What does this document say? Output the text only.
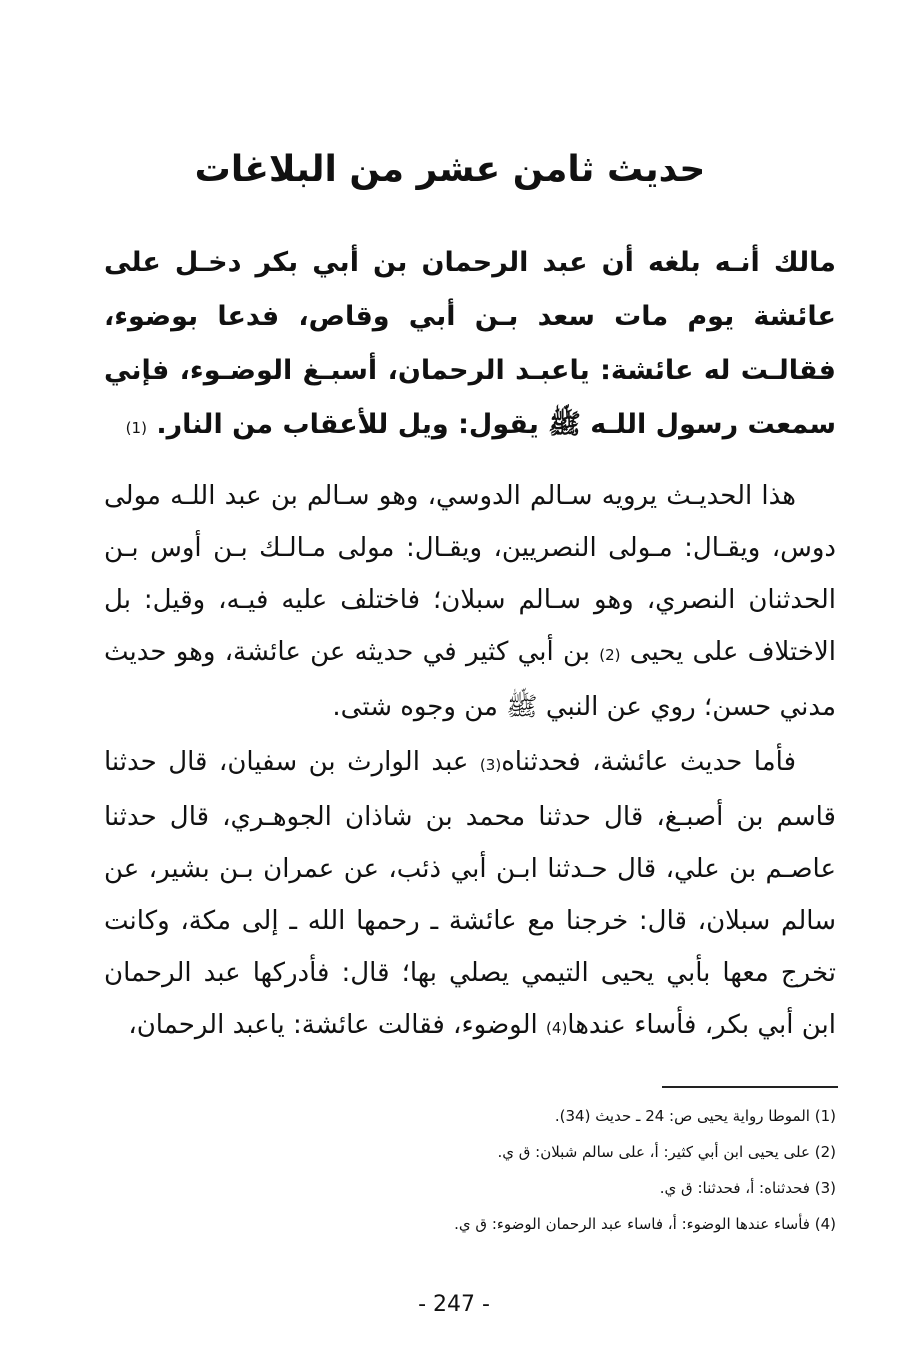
حديث ثامن عشر من البلاغات

مالك أنـه بلغه أن عبد الرحمان بن أبي بكر دخـل على عائشة يوم مات سعد بـن أبي وقاص، فدعا بوضوء، فقالـت له عائشة: ياعبـد الرحمان، أسبـغ الوضـوء، فإني سمعت رسول اللـه ﷺ يقول: ويل للأعقاب من النار. (1)

هذا الحديـث يرويه سـالم الدوسي، وهو سـالم بن عبد اللـه مولى دوس، ويقـال: مـولى النصريين، ويقـال: مولى مـالـك بـن أوس بـن الحدثنان النصري، وهو سـالم سبلان؛ فاختلف عليه فيـه، وقيل: بل الاختلاف على يحيى (2) بن أبي كثير في حديثه عن عائشة، وهو حديث مدني حسن؛ روي عن النبي ﷺ من وجوه شتى.

فأما حديث عائشة، فحدثناه(3) عبد الوارث بن سفيان، قال حدثنا قاسم بن أصبـغ، قال حدثنا محمد بن شاذان الجوهـري، قال حدثنا عاصـم بن علي، قال حـدثنا ابـن أبي ذئب، عن عمران بـن بشير، عن سالم سبلان، قال: خرجنا مع عائشة ـ رحمها الله ـ إلى مكة، وكانت تخرج معها بأبي يحيى التيمي يصلي بها؛ قال: فأدركها عبد الرحمان ابن أبي بكر، فأساء عندها(4) الوضوء، فقالت عائشة: ياعبد الرحمان،

(1) الموطا رواية يحيى ص: 24 ـ حديث (34).
(2) على يحيى ابن أبي كثير: أ، على سالم شبلان: ق ي.
(3) فحدثناه: أ، فحدثنا: ق ي.
(4) فأساء عندها الوضوء: أ، فاساء عبد الرحمان الوضوء: ق ي.
- 247 -
